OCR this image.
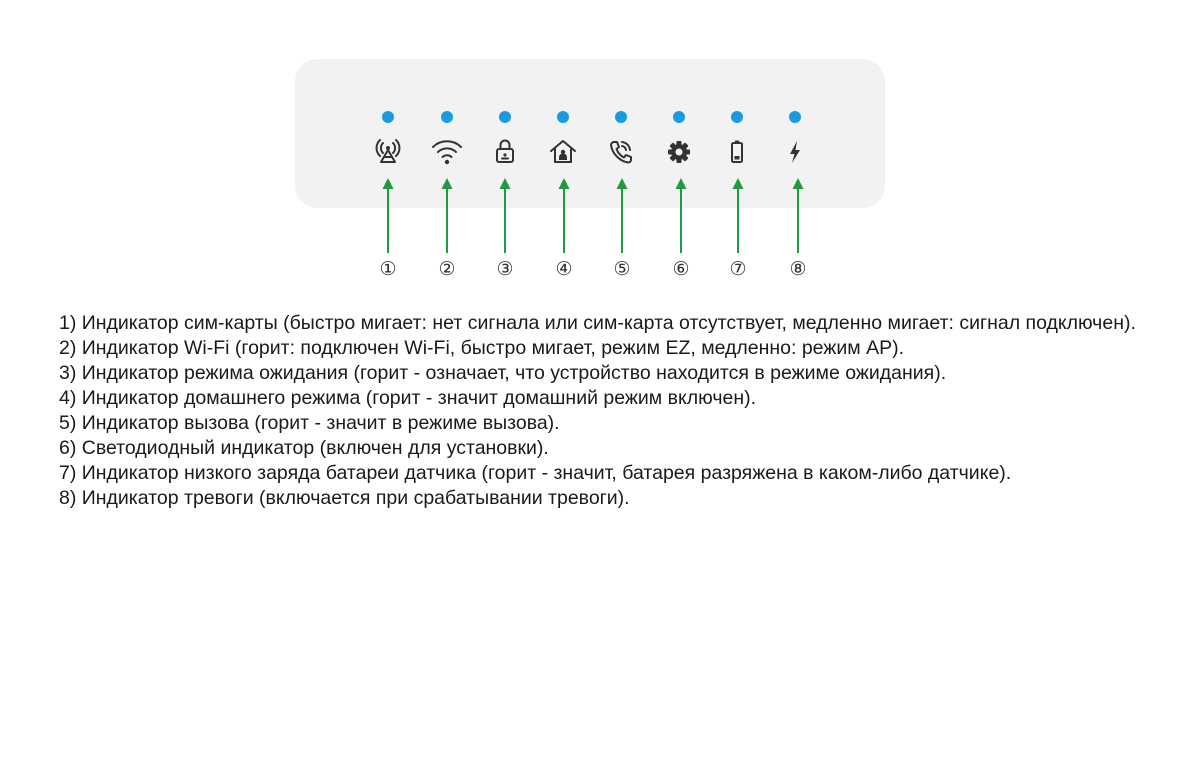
① ② ③ ④ ⑤ ⑥ ⑦ ⑧
1) Индикатор сим-карты (быстро мигает: нет сигнала или сим-карта отсутствует, медленно мигает: сигнал подключен).
2) Индикатор Wi-Fi (горит: подключен Wi-Fi, быстро мигает, режим EZ, медленно: режим AP).
3) Индикатор режима ожидания (горит - означает, что устройство находится в режиме ожидания).
4) Индикатор домашнего режима (горит - значит домашний режим включен).
5) Индикатор вызова (горит - значит в режиме вызова).
6) Светодиодный индикатор (включен для установки).
7) Индикатор низкого заряда батареи датчика (горит - значит, батарея разряжена в каком-либо датчике).
8) Индикатор тревоги (включается при срабатывании тревоги).
